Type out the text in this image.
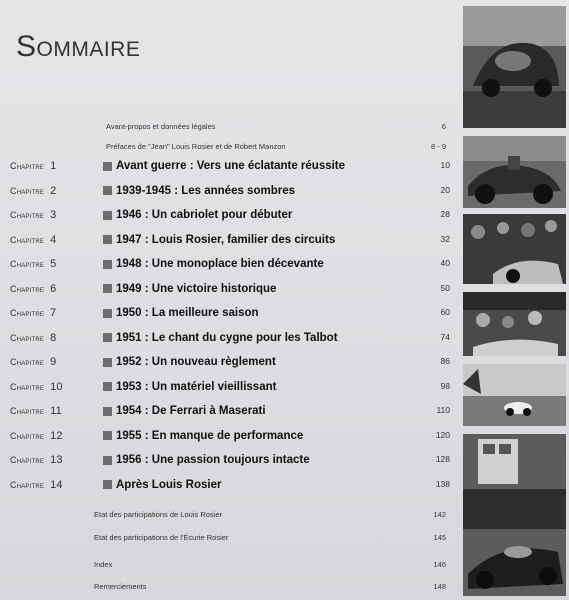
Sommaire
Avant-propos et données légales	6
Préfaces de "Jean" Louis Rosier et de Robert Manzon	8 - 9
Chapitre 1	Avant guerre : Vers une éclatante réussite	10
Chapitre 2	1939-1945 : Les années sombres	20
Chapitre 3	1946 : Un cabriolet pour débuter	28
Chapitre 4	1947 : Louis Rosier, familier des circuits	32
Chapitre 5	1948 : Une monoplace bien décevante	40
Chapitre 6	1949 : Une victoire historique	50
Chapitre 7	1950 : La meilleure saison	60
Chapitre 8	1951 : Le chant du cygne pour les Talbot	74
Chapitre 9	1952 : Un nouveau règlement	86
Chapitre 10	1953 : Un matériel vieillissant	98
Chapitre 11	1954 : De Ferrari à Maserati	110
Chapitre 12	1955 : En manque de performance	120
Chapitre 13	1956 : Une passion toujours intacte	128
Chapitre 14	Après Louis Rosier	138
Etat des participations de Louis Rosier	142
Etat des participations de l'Écurie Rosier	145
Index	146
Remerciements	148
